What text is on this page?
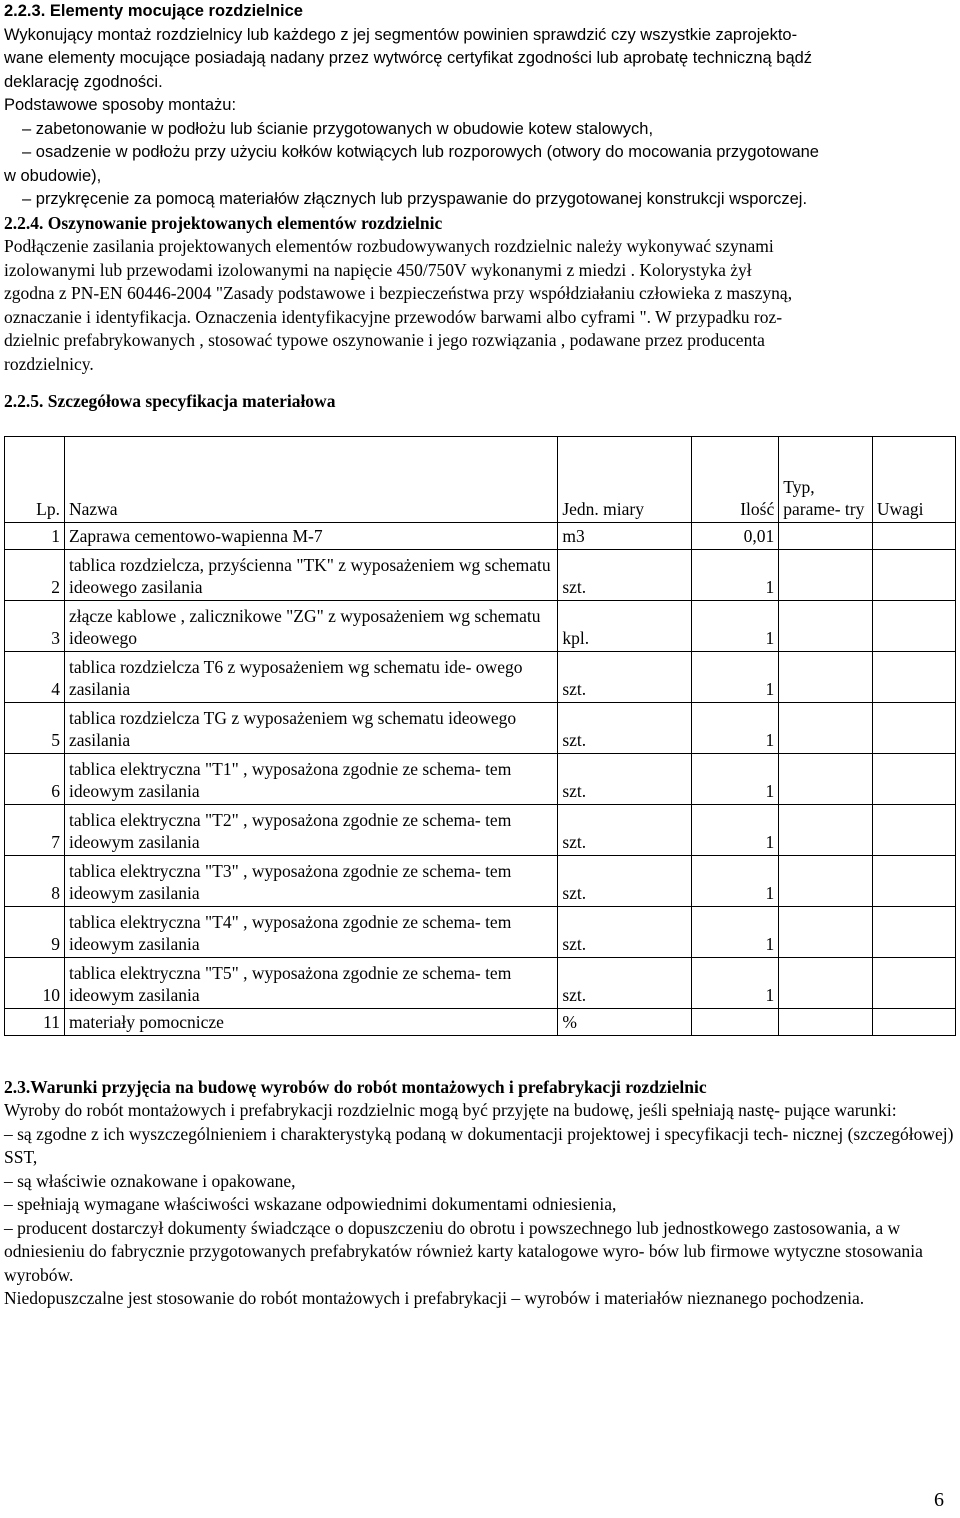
2.2.3. Elementy mocujące rozdzielnice

Wykonujący montaż rozdzielnicy lub każdego z jej segmentów powinien sprawdzić czy wszystkie zaprojekto-

wane elementy mocujące posiadają nadany przez wytwórcę certyfikat zgodności lub aprobatę techniczną bądź

deklarację zgodności.

Podstawowe sposoby montażu:

– zabetonowanie w podłożu lub ścianie przygotowanych w obudowie kotew stalowych,

– osadzenie w podłożu przy użyciu kołków kotwiących lub rozporowych (otwory do mocowania przygotowane

w obudowie),

– przykręcenie za pomocą materiałów złącznych lub przyspawanie do przygotowanej konstrukcji wsporczej.

2.2.4. Oszynowanie projektowanych elementów rozdzielnic

Podłączenie zasilania projektowanych elementów rozbudowywanych rozdzielnic należy wykonywać szynami

izolowanymi lub przewodami izolowanymi na napięcie 450/750V wykonanymi z miedzi . Kolorystyka żył

zgodna z PN-EN 60446-2004 "Zasady podstawowe i bezpieczeństwa przy współdziałaniu człowieka z maszyną,

oznaczanie i identyfikacja. Oznaczenia identyfikacyjne przewodów barwami albo cyframi ". W przypadku roz-

dzielnic prefabrykowanych , stosować typowe oszynowanie i jego rozwiązania , podawane przez producenta

rozdzielnicy.

2.2.5. Szczegółowa specyfikacja materiałowa

Lp.	Nazwa	Jedn. miary	Ilość	Typ, parame- try	Uwagi
1	Zaprawa cementowo-wapienna M-7	m3	0,01		
2	tablica rozdzielcza, przyścienna "TK" z wyposażeniem wg schematu ideowego zasilania	szt.	1		
3	złącze kablowe , zalicznikowe "ZG" z wyposażeniem wg schematu ideowego	kpl.	1		
4	tablica rozdzielcza T6 z wyposażeniem wg schematu ide- owego zasilania	szt.	1		
5	tablica rozdzielcza TG z wyposażeniem wg schematu ideowego zasilania	szt.	1		
6	tablica elektryczna "T1" , wyposażona zgodnie ze schema- tem ideowym zasilania	szt.	1		
7	tablica elektryczna "T2" , wyposażona zgodnie ze schema- tem ideowym zasilania	szt.	1		
8	tablica elektryczna "T3" , wyposażona zgodnie ze schema- tem ideowym zasilania	szt.	1		
9	tablica elektryczna "T4" , wyposażona zgodnie ze schema- tem ideowym zasilania	szt.	1		
10	tablica elektryczna "T5" , wyposażona zgodnie ze schema- tem ideowym zasilania	szt.	1		
11	materiały pomocnicze	%			

2.3.Warunki przyjęcia na budowę wyrobów do robót montażowych i prefabrykacji rozdzielnic

Wyroby do robót montażowych i prefabrykacji rozdzielnic mogą być przyjęte na budowę, jeśli spełniają nastę- pujące warunki:

– są zgodne z ich wyszczególnieniem i charakterystyką podaną w dokumentacji projektowej i specyfikacji tech- nicznej (szczegółowej) SST,

– są właściwie oznakowane i opakowane,

– spełniają wymagane właściwości wskazane odpowiednimi dokumentami odniesienia,

– producent dostarczył dokumenty świadczące o dopuszczeniu do obrotu i powszechnego lub jednostkowego zastosowania, a w odniesieniu do fabrycznie przygotowanych prefabrykatów również karty katalogowe wyro- bów lub firmowe wytyczne stosowania wyrobów.

Niedopuszczalne jest stosowanie do robót montażowych i prefabrykacji – wyrobów i materiałów nieznanego pochodzenia.

6
